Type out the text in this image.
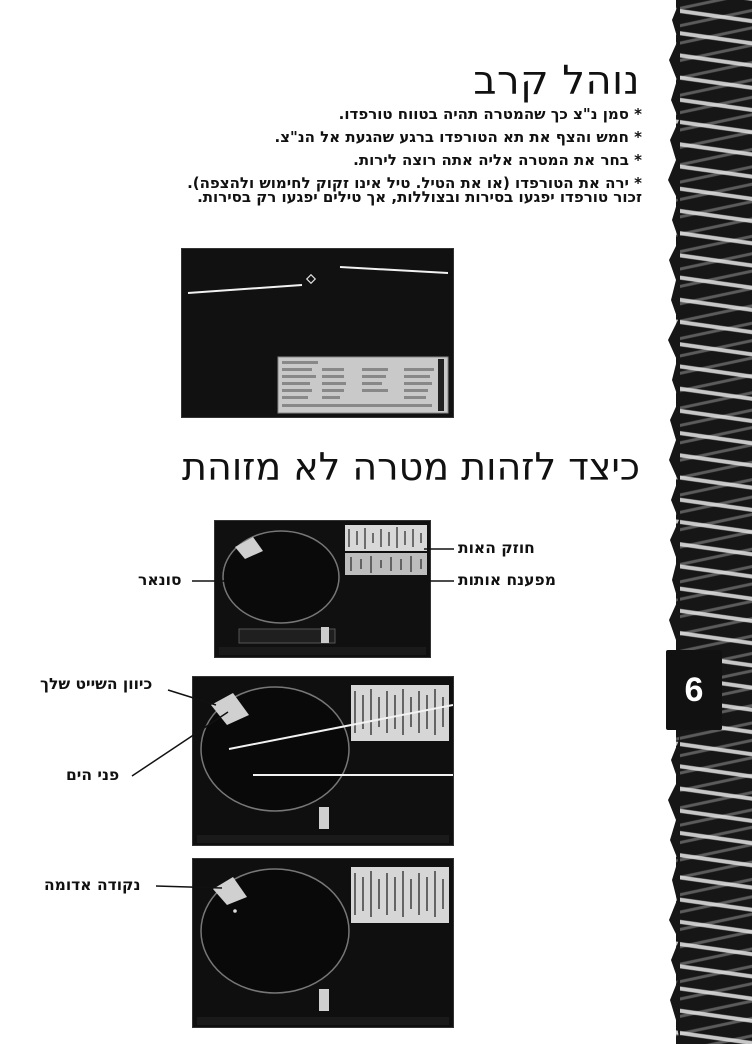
6
נוהל קרב
* סמן נ"צ כך שהמטרה תהיה בטווח טורפדו.
* חמש והצף את תא הטורפדו ברגע שהגעת אל הנ"צ.
* בחר את המטרה אליה אתה רוצה לירות.
* ירה את הטורפדו (או את הטיל. טיל אינו זקוק לחימוש ולהצפה).

זכור טורפדו יפגעו בסירות ובצוללות, אך טילים יפגעו רק בסירות.

כיצד לזהות מטרה לא מזוהת
חוזק האות
מפענח אותות
סונאר
כיוון השייט שלך
פני הים
נקודה אדומה
